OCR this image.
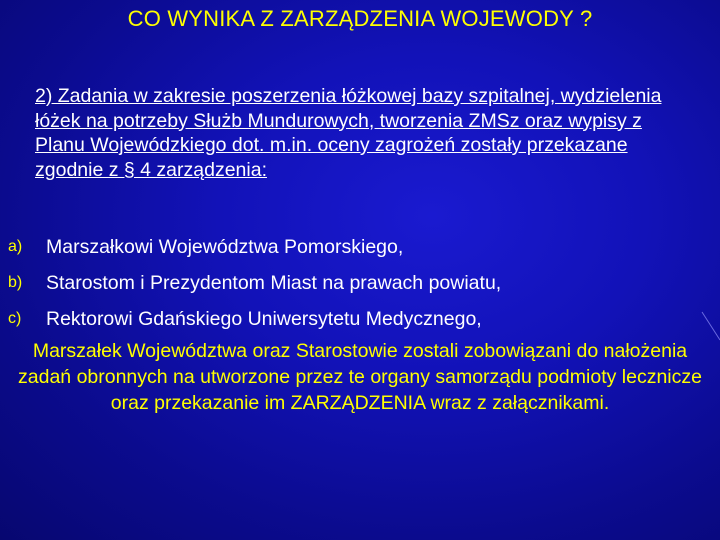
CO WYNIKA Z ZARZĄDZENIA WOJEWODY ?

2) Zadania w zakresie poszerzenia łóżkowej bazy szpitalnej, wydzielenia łóżek na potrzeby Służb Mundurowych, tworzenia ZMSz oraz wypisy z Planu Wojewódzkiego dot. m.in. oceny zagrożeń zostały przekazane zgodnie z § 4 zarządzenia:

a)	Marszałkowi Województwa Pomorskiego,
b)	Starostom i Prezydentom Miast na prawach powiatu,
c)	Rektorowi Gdańskiego Uniwersytetu Medycznego,

Marszałek Województwa oraz Starostowie zostali zobowiązani do nałożenia zadań obronnych na utworzone przez te organy samorządu podmioty lecznicze oraz przekazanie im ZARZĄDZENIA wraz z załącznikami.
